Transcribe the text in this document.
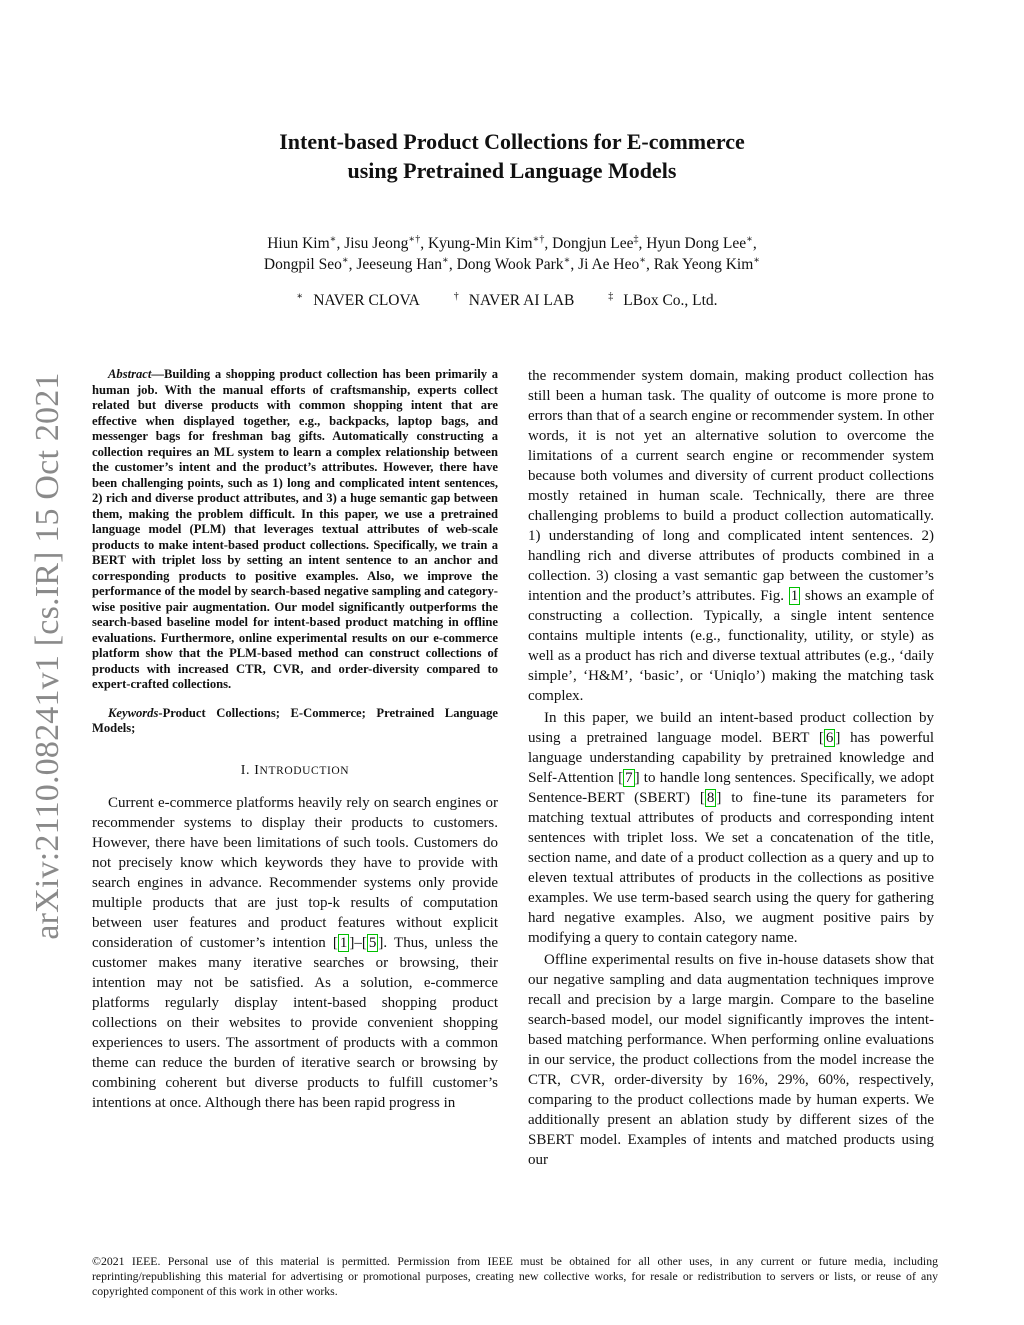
arXiv:2110.08241v1 [cs.IR] 15 Oct 2021
Intent-based Product Collections for E-commerce
using Pretrained Language Models
Hiun Kim∗, Jisu Jeong∗†, Kyung-Min Kim∗†, Dongjun Lee‡, Hyun Dong Lee∗,
Dongpil Seo∗, Jeeseung Han∗, Dong Wook Park∗, Ji Ae Heo∗, Rak Yeong Kim∗
∗ NAVER CLOVA	† NAVER AI LAB	‡ LBox Co., Ltd.

Abstract—Building a shopping product collection has been primarily a human job. With the manual efforts of craftsmanship, experts collect related but diverse products with common shopping intent that are effective when displayed together, e.g., backpacks, laptop bags, and messenger bags for freshman bag gifts. Automatically constructing a collection requires an ML system to learn a complex relationship between the customer’s intent and the product’s attributes. However, there have been challenging points, such as 1) long and complicated intent sentences, 2) rich and diverse product attributes, and 3) a huge semantic gap between them, making the problem difficult. In this paper, we use a pretrained language model (PLM) that leverages textual attributes of web-scale products to make intent-based product collections. Specifically, we train a BERT with triplet loss by setting an intent sentence to an anchor and corresponding products to positive examples. Also, we improve the performance of the model by search-based negative sampling and category-wise positive pair augmentation. Our model significantly outperforms the search-based baseline model for intent-based product matching in offline evaluations. Furthermore, online experimental results on our e-commerce platform show that the PLM-based method can construct collections of products with increased CTR, CVR, and order-diversity compared to expert-crafted collections.

Keywords-Product Collections; E-Commerce; Pretrained Language Models;

I. INTRODUCTION

Current e-commerce platforms heavily rely on search engines or recommender systems to display their products to customers. However, there have been limitations of such tools. Customers do not precisely know which keywords they have to provide with search engines in advance. Recommender systems only provide multiple products that are just top-k results of computation between user features and product features without explicit consideration of customer’s intention [ 1 ]–[ 5 ]. Thus, unless the customer makes many iterative searches or browsing, their intention may not be satisfied. As a solution, e-commerce platforms regularly display intent-based shopping product collections on their websites to provide convenient shopping experiences to users. The assortment of products with a common theme can reduce the burden of iterative search or browsing by combining coherent but diverse products to fulfill customer’s intentions at once. Although there has been rapid progress in

the recommender system domain, making product collection has still been a human task. The quality of outcome is more prone to errors than that of a search engine or recommender system. In other words, it is not yet an alternative solution to overcome the limitations of a current search engine or recommender system because both volumes and diversity of current product collections mostly retained in human scale. Technically, there are three challenging problems to build a product collection automatically. 1) understanding of long and complicated intent sentences. 2) handling rich and diverse attributes of products combined in a collection. 3) closing a vast semantic gap between the customer’s intention and the product’s attributes. Fig. 1 shows an example of constructing a collection. Typically, a single intent sentence contains multiple intents (e.g., functionality, utility, or style) as well as a product has rich and diverse textual attributes (e.g., ‘daily simple’, ‘H&M’, ‘basic’, or ‘Uniqlo’) making the matching task complex.

In this paper, we build an intent-based product collection by using a pretrained language model. BERT [ 6 ] has powerful language understanding capability by pretrained knowledge and Self-Attention [ 7 ] to handle long sentences. Specifically, we adopt Sentence-BERT (SBERT) [ 8 ] to fine-tune its parameters for matching textual attributes of products and corresponding intent sentences with triplet loss. We set a concatenation of the title, section name, and date of a product collection as a query and up to eleven textual attributes of products in the collections as positive examples. We use term-based search using the query for gathering hard negative examples. Also, we augment positive pairs by modifying a query to contain category name.

Offline experimental results on five in-house datasets show that our negative sampling and data augmentation techniques improve recall and precision by a large margin. Compare to the baseline search-based model, our model significantly improves the intent-based matching performance. When performing online evaluations in our service, the product collections from the model increase the CTR, CVR, order-diversity by 16%, 29%, 60%, respectively, comparing to the product collections made by human experts. We additionally present an ablation study by different sizes of the SBERT model. Examples of intents and matched products using our

©2021 IEEE. Personal use of this material is permitted. Permission from IEEE must be obtained for all other uses, in any current or future media, including reprinting/republishing this material for advertising or promotional purposes, creating new collective works, for resale or redistribution to servers or lists, or reuse of any copyrighted component of this work in other works.
